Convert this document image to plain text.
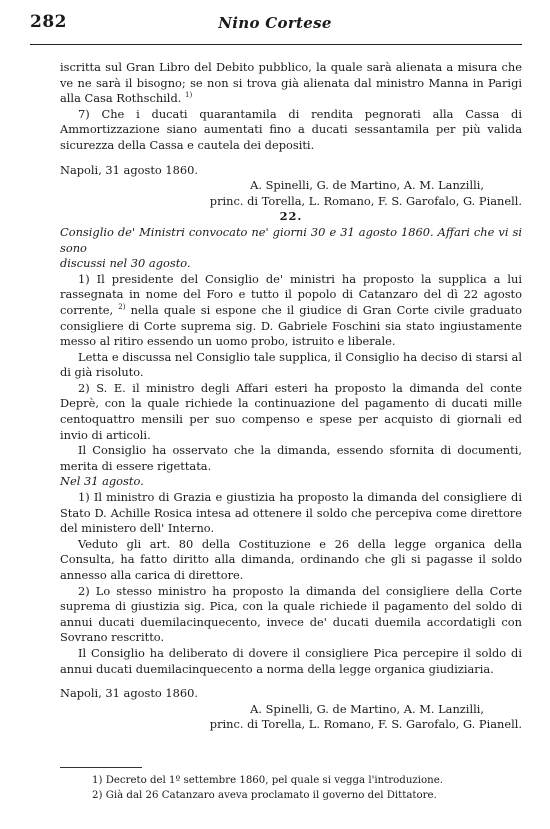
282	Nino Cortese

iscritta sul Gran Libro del Debito pubblico, la quale sarà alienata a misura che ve ne sarà il bisogno; se non si trova già alienata dal ministro Manna in Parigi alla Casa Rothschild. $^{1)}$

7) Che i ducati quarantamila di rendita pegnorati alla Cassa di Ammortizzazione siano aumentati fino a ducati sessantamila per più valida sicurezza della Cassa e cautela dei depositi.

Napoli, 31 agosto 1860.

A. Spinelli, G. de Martino, A. M. Lanzilli,

princ. di Torella, L. Romano, F. S. Garofalo, G. Pianell.

22.

Consiglio de' Ministri convocato ne' giorni 30 e 31 agosto 1860. Affari che vi si sono
discussi nel 30 agosto.

1) Il presidente del Consiglio de' ministri ha proposto la supplica a lui rassegnata in nome del Foro e tutto il popolo di Catanzaro del dì 22 agosto corrente, $^{2)}$ nella quale si espone che il giudice di Gran Corte civile graduato consigliere di Corte suprema sig. D. Gabriele Foschini sia stato ingiustamente messo al ritiro essendo un uomo probo, istruito e liberale.

Letta e discussa nel Consiglio tale supplica, il Consiglio ha deciso di starsi al di già risoluto.

2) S. E. il ministro degli Affari esteri ha proposto la dimanda del conte Deprè, con la quale richiede la continuazione del pagamento di ducati mille centoquattro mensili per suo compenso e spese per acquisto di giornali ed invio di articoli.

Il Consiglio ha osservato che la dimanda, essendo sfornita di documenti, merita di essere rigettata.

Nel 31 agosto.

1) Il ministro di Grazia e giustizia ha proposto la dimanda del consigliere di Stato D. Achille Rosica intesa ad ottenere il soldo che percepiva come direttore del ministero dell' Interno.

Veduto gli art. 80 della Costituzione e 26 della legge organica della Consulta, ha fatto diritto alla dimanda, ordinando che gli si pagasse il soldo annesso alla carica di direttore.

2) Lo stesso ministro ha proposto la dimanda del consigliere della Corte suprema di giustizia sig. Pica, con la quale richiede il pagamento del soldo di annui ducati duemilacinquecento, invece de' ducati duemila accordatigli con Sovrano rescritto.

Il Consiglio ha deliberato di dovere il consigliere Pica percepire il soldo di annui ducati duemilacinquecento a norma della legge organica giudiziaria.

Napoli, 31 agosto 1860.

A. Spinelli, G. de Martino, A. M. Lanzilli,

princ. di Torella, L. Romano, F. S. Garofalo, G. Pianell.

1) Decreto del 1º settembre 1860, pel quale si vegga l'introduzione.

2) Già dal 26 Catanzaro aveva proclamato il governo del Dittatore.
